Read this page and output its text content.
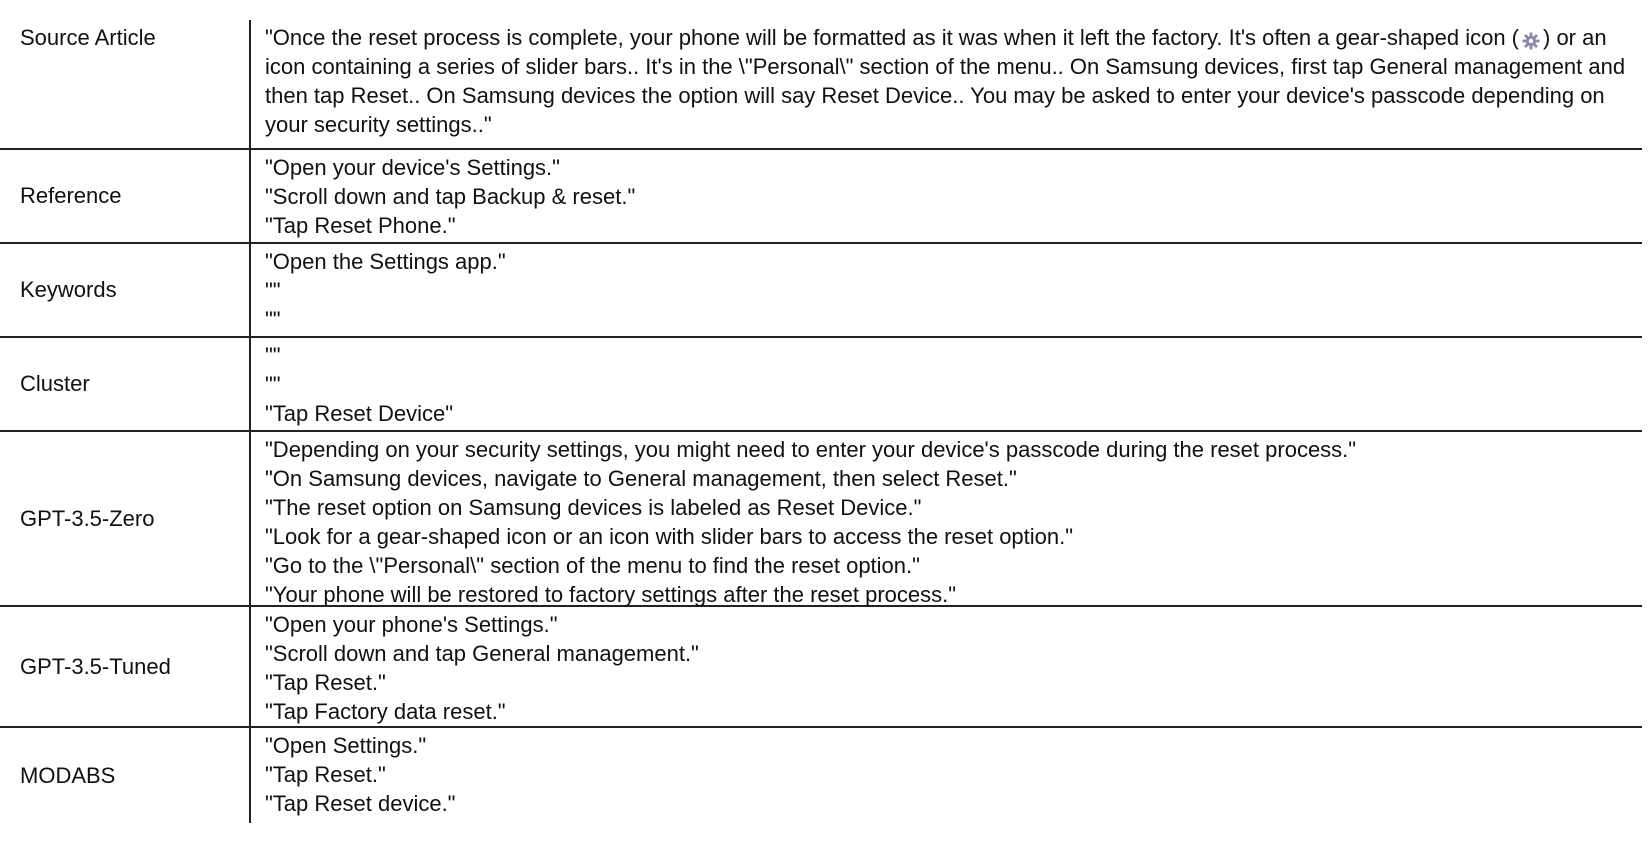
Source Article	"Once the reset process is complete, your phone will be formatted as it was when it left the factory. It's often a gear-shaped icon ( ) or an icon containing a series of slider bars.. It's in the \"Personal\" section of the menu.. On Samsung devices, first tap General management and then tap Reset.. On Samsung devices the option will say Reset Device.. You may be asked to enter your device's passcode depending on your security settings.."
Reference
"Open your device's Settings."
"Scroll down and tap Backup & reset."
"Tap Reset Phone."
Keywords
"Open the Settings app."
""
""
Cluster
""
""
"Tap Reset Device"
GPT-3.5-Zero
"Depending on your security settings, you might need to enter your device's passcode during the reset process."
"On Samsung devices, navigate to General management, then select Reset."
"The reset option on Samsung devices is labeled as Reset Device."
"Look for a gear-shaped icon or an icon with slider bars to access the reset option."
"Go to the \"Personal\" section of the menu to find the reset option."
"Your phone will be restored to factory settings after the reset process."
GPT-3.5-Tuned
"Open your phone's Settings."
"Scroll down and tap General management."
"Tap Reset."
"Tap Factory data reset."
MODABS
"Open Settings."
"Tap Reset."
"Tap Reset device."
